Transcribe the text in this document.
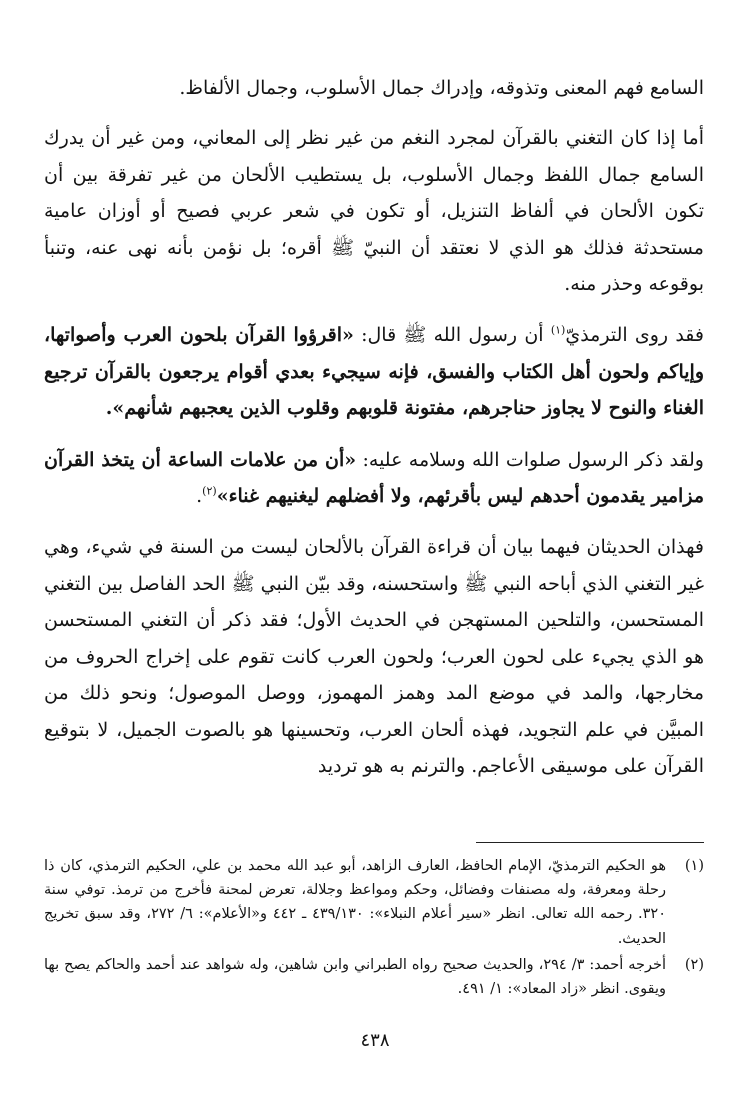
السامع فهم المعنى وتذوقه، وإدراك جمال الأسلوب، وجمال الألفاظ.

أما إذا كان التغني بالقرآن لمجرد النغم من غير نظر إلى المعاني، ومن غير أن يدرك السامع جمال اللفظ وجمال الأسلوب، بل يستطيب الألحان من غير تفرقة بين أن تكون الألحان في ألفاظ التنزيل، أو تكون في شعر عربي فصيح أو أوزان عامية مستحدثة فذلك هو الذي لا نعتقد أن النبيّ ﷺ أقره؛ بل نؤمن بأنه نهى عنه، وتنبأ بوقوعه وحذر منه.

فقد روى الترمذيّ$^{(١)}$ أن رسول الله ﷺ قال: «اقرؤوا القرآن بلحون العرب وأصواتها، وإياكم ولحون أهل الكتاب والفسق، فإنه سيجيء بعدي أقوام يرجعون بالقرآن ترجيع الغناء والنوح لا يجاوز حناجرهم، مفتونة قلوبهم وقلوب الذين يعجبهم شأنهم».

ولقد ذكر الرسول صلوات الله وسلامه عليه: «أن من علامات الساعة أن يتخذ القرآن مزامير يقدمون أحدهم ليس بأقرئهم، ولا أفضلهم ليغنيهم غناء»$^{(٢)}$.

فهذان الحديثان فيهما بيان أن قراءة القرآن بالألحان ليست من السنة في شيء، وهي غير التغني الذي أباحه النبي ﷺ واستحسنه، وقد بيّن النبي ﷺ الحد الفاصل بين التغني المستحسن، والتلحين المستهجن في الحديث الأول؛ فقد ذكر أن التغني المستحسن هو الذي يجيء على لحون العرب؛ ولحون العرب كانت تقوم على إخراج الحروف من مخارجها، والمد في موضع المد وهمز المهموز، ووصل الموصول؛ ونحو ذلك من المبيَّن في علم التجويد، فهذه ألحان العرب، وتحسينها هو بالصوت الجميل، لا بتوقيع القرآن على موسيقى الأعاجم. والترنم به هو ترديد

(١)
هو الحكيم الترمذيّ، الإمام الحافظ، العارف الزاهد، أبو عبد الله محمد بن علي، الحكيم الترمذي، كان ذا رحلة ومعرفة، وله مصنفات وفضائل، وحكم ومواعظ وجلالة، تعرض لمحنة فأخرج من ترمذ. توفي سنة ٣٢٠. رحمه الله تعالى. انظر «سير أعلام النبلاء»: ٤٣٩/١٣٠ ـ ٤٤٢ و«الأعلام»: ٦/ ٢٧٢، وقد سبق تخريج الحديث.
(٢)
أخرجه أحمد: ٣/ ٢٩٤، والحديث صحيح رواه الطبراني وابن شاهين، وله شواهد عند أحمد والحاكم يصح بها ويقوى. انظر «زاد المعاد»: ١/ ٤٩١.
٤٣٨
